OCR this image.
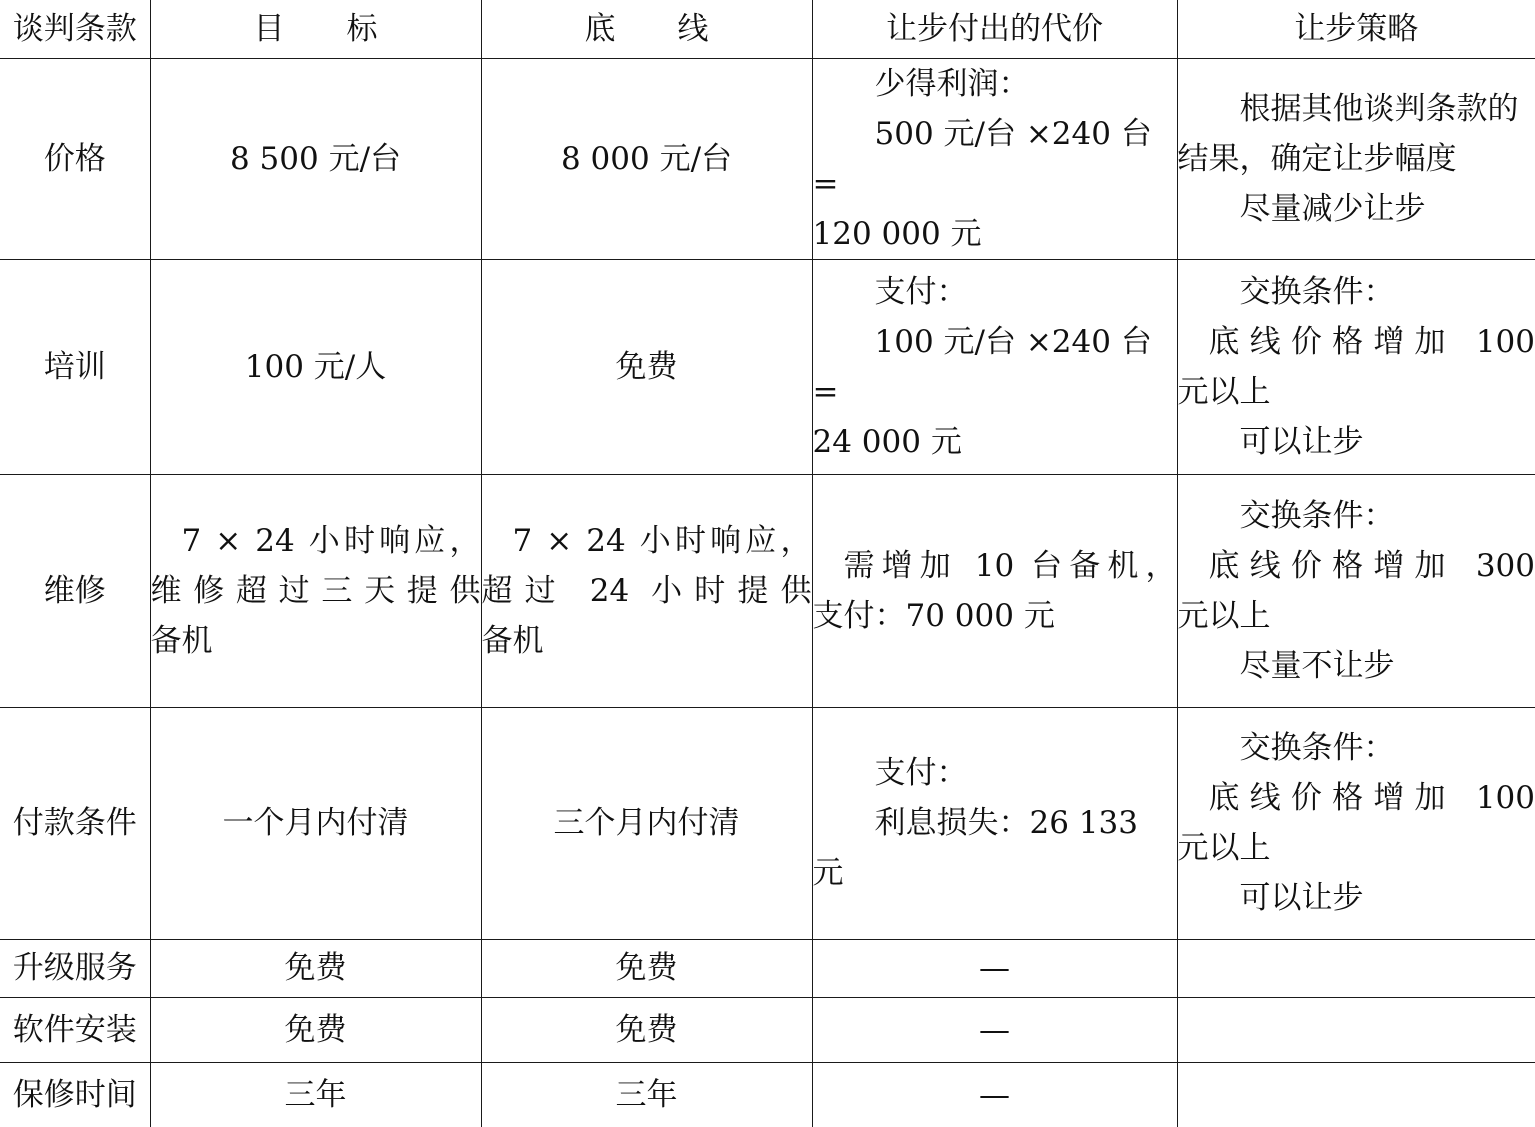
谈判条款	目　　标	底　　线	让步付出的代价	让步策略
价格	8 500 元/台	8 000 元/台	少得利润：
500 元/台 ×240 台 =
120 000 元	根据其他谈判条款的
结果，确定让步幅度
尽量减少让步

培训	100 元/人	免费	支付：
100 元/台 ×240 台 =
24 000 元	交换条件：
底线价格增加 100
元以上
可以让步

维修	7 × 24 小时响应，
维修超过三天提供
备机	7 × 24 小时响应，
超过 24 小时提供
备机	需增加 10 台备机，
支付：70 000 元	交换条件：
底线价格增加 300
元以上
尽量不让步

付款条件	一个月内付清	三个月内付清	支付：
利息损失：26 133 元	交换条件：
底线价格增加 100
元以上
可以让步

升级服务	免费	免费	—	
软件安装	免费	免费	—	
保修时间	三年	三年	—	
